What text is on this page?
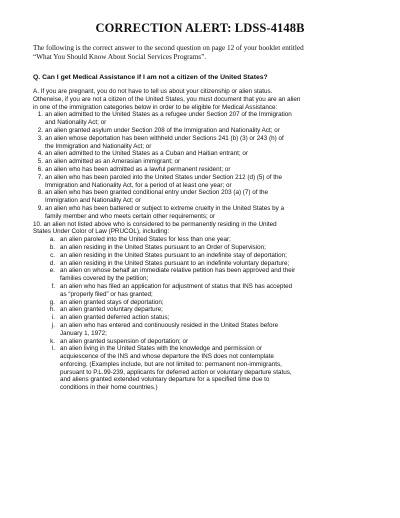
CORRECTION ALERT: LDSS-4148B
The following is the correct answer to the second question on page 12 of your booklet entitled
“What You Should Know About Social Services Programs”.
Q. Can I get Medical Assistance if I am not a citizen of the United States?
A. If you are pregnant, you do not have to tell us about your citizenship or alien status.
Otherwise, if you are not a citizen of the United States, you must document that you are an alien
in one of the immigration categories below in order to be eligible for Medical Assistance:
1. an alien admitted to the United States as a refugee under Section 207 of the Immigration
and Nationality Act; or
2. an alien granted asylum under Section 208 of the Immigration and Nationality Act; or
3. an alien whose deportation has been withheld under Sections 241 (b) (3) or 243 (h) of
the Immigration and Nationality Act; or
4. an alien admitted to the United States as a Cuban and Haitian entrant; or
5. an alien admitted as an Amerasian immigrant; or
6. an alien who has been admitted as a lawful permanent resident; or
7. an alien who has been paroled into the United States under Section 212 (d) (5) of the
Immigration and Nationality Act, for a period of at least one year; or
8. an alien who has been granted conditional entry under Section 203 (a) (7) of the
Immigration and Nationality Act; or
9. an alien who has been battered or subject to extreme cruelty in the United States by a
family member and who meets certain other requirements; or
10. an alien not listed above who is considered to be permanently residing in the United
States Under Color of Law (PRUCOL), including:
a. an alien paroled into the United States for less than one year;
b. an alien residing in the United States pursuant to an Order of Supervision;
c. an alien residing in the United States pursuant to an indefinite stay of deportation;
d. an alien residing in the United States pursuant to an indefinite voluntary departure;
e. an alien on whose behalf an immediate relative petition has been approved and their
families covered by the petition;
f. an alien who has filed an application for adjustment of status that INS has accepted
as “properly filed” or has granted;
g. an alien granted stays of deportation;
h. an alien granted voluntary departure;
i. an alien granted deferred action status;
j. an alien who has entered and continuously resided in the United States before
January 1, 1972;
k. an alien granted suspension of deportation; or
l. an alien living in the United States with the knowledge and permission or
acquiescence of the INS and whose departure the INS does not contemplate
enforcing. (Examples include, but are not limited to: permanent non-immigrants,
pursuant to P.L.99-239, applicants for deferred action or voluntary departure status,
and aliens granted extended voluntary departure for a specified time due to
conditions in their home countries.)
